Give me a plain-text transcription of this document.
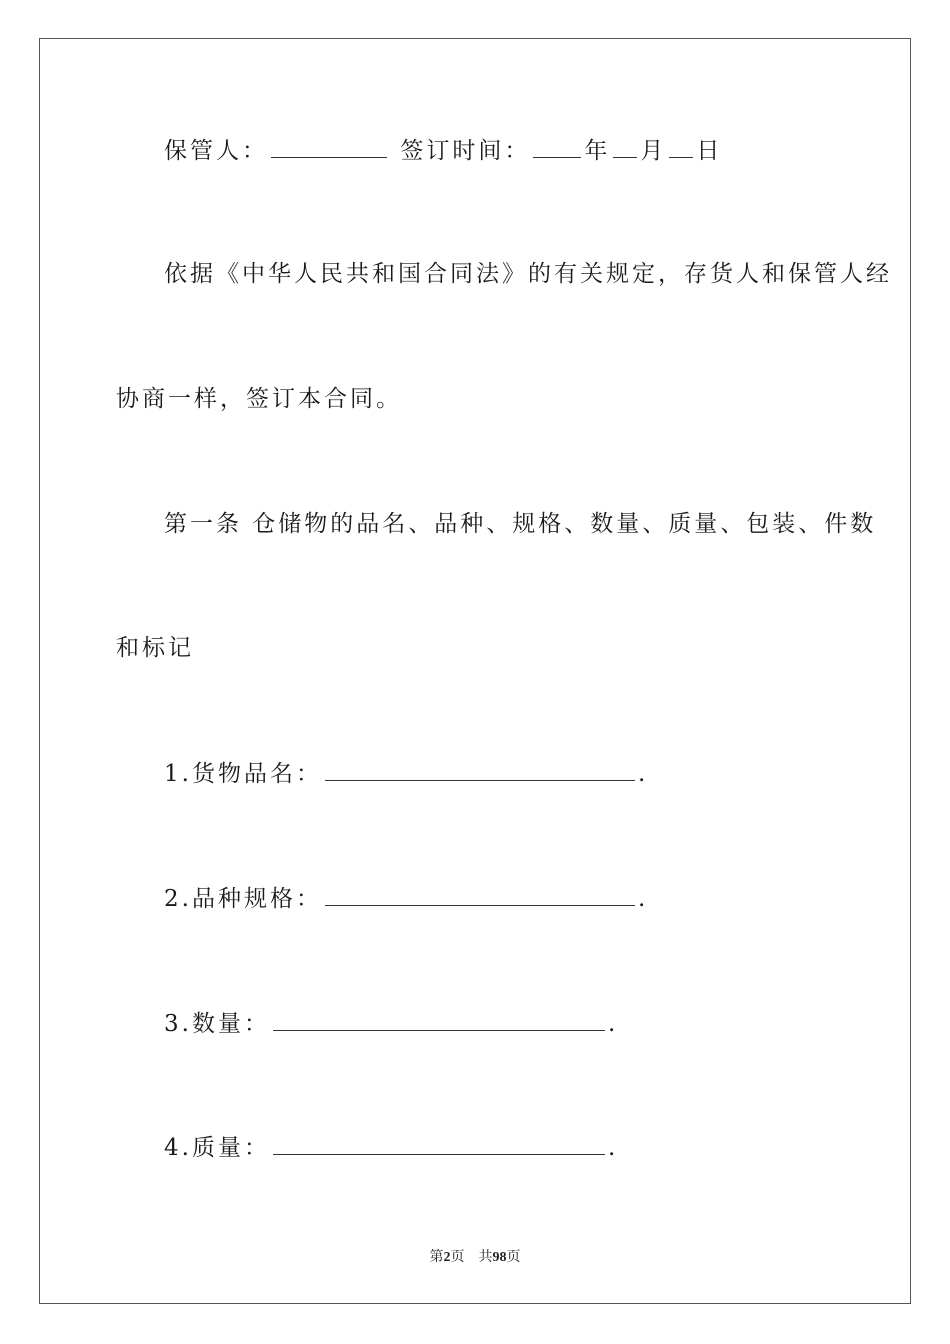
保管人：	签订时间： 年 月 日
依据《中华人民共和国合同法》的有关规定，存货人和保管人经
协商一样，签订本合同。
第一条 仓储物的品名、品种、规格、数量、质量、包装、件数
和标记
1.货物品名：	.
2.品种规格：	.
3.数量：	.
4.质量：	.
第2页 共98页
